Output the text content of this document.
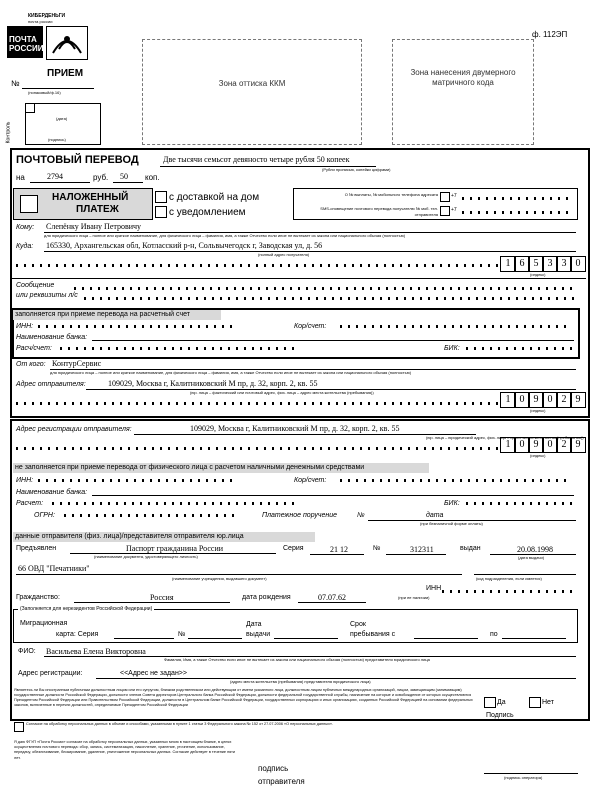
ПОЧТА РОССИИ
КИБЕРДЕНЬГИ
почта россии
ПРИЕМ
ф. 112ЭП
№
(понаковый/ф.16)
(дата)
(подпись)
Контроль
Зона оттиска ККМ
Зона нанесения двумерного матричного кода
ПОЧТОВЫЙ ПЕРЕВОД	Две тысячи семьсот девяносто четыре рубля 50 копеек
(Рубли прописью, копейки цифрами)
на	2794	руб. 50 коп.
НАЛОЖЕННЫЙ
ПЛАТЕЖ
с доставкой на дом
с уведомлением
О № выплаты, № мобильного телефона адресата
SMS-оповещение почтового перевода получателю № моб. тел. отправителя
+7
+7
Кому: Слепёнку Ивану Петровичу
для юридического лица – полное или краткое наименование, для физического лица – фамилия, имя, а также Отчество если иное не вытекает из закона или национального обычая (полностью)
Куда: 165330, Архангельская обл, Котласский р-н, Сольвычегодск г, Заводская ул, д. 56
(полный адрес получателя)
1 6 5 3 3 0
(индекс)
Сообщение
или реквизиты л/с
заполняется при приеме перевода на расчетный счет
ИНН:	Кор/счет:
Наименование банка:
Расч/счет:	БИК:
От кого: КонтурСервис
для юридического лица – полное или краткое наименование, для физического лица – фамилия, имя, а также Отчество если иное не вытекает из закона или национального обычая (полностью)
Адрес отправителя:	109029, Москва г, Калитниковский М пр, д. 32, корп. 2, кв. 55
(юр. лица – фактический или почтовый адрес, физ. лица – адрес места жительства (пребывания))
1 0 9 0 2 9
(индекс)
Адрес регистрации отправителя:	109029, Москва г, Калитниковский М пр, д. 32, корп. 2, кв. 55
(юр. лица – юридический адрес, физ. лица – адрес места жительства (пребывания))
1 0 9 0 2 9
(индекс)
не заполняется при приеме перевода от физического лица с расчетом наличными денежными средствами
ИНН:	Кор/счет:
Наименование банка:
Расчет:	БИК:
ОГРН:	Платежное поручение	№	дата
(при безналичной форме оплаты)
данные отправителя (физ. лица)/представителя отправителя юр.лица
Предъявлен	Паспорт гражданина России
(наименование документа, удостоверяющего личность)
Серия	21 12	№	312311	выдан	20.08.1998
(дата выдачи)
66 ОВД "Печатники"
(наименование учреждения, выдавшего документ)	(код подразделения, если имеется)
ИНН
(при ее наличии)
Гражданство:	Россия	дата рождения	07.07.62
(Заполняется для нерезидентов Российской Федерации)
Миграционная
карта: Серия	№
Дата
выдачи
Срок
пребывания с	по
ФИО: Васильева Елена Викторовна
Фамилия, Имя, а также Отчество если иное не вытекает из закона или национального обычая (полностью) представителя юридического лица
Адрес регистрации:	<<Адрес не задан>>
(адрес места жительства (пребывания) представителя юридического лица)
Являетесь ли Вы иностранным публичным должностным лицом или его супругом, близким родственником или действующим от имени указанного лица, должностным лицом публичных международных организаций, лицом, замещающим (занимающим) государственные должности Российской Федерации, должности членов Совета директоров Центрального банка Российской Федерации, должности федеральной государственной службы, назначение на которые и освобождение от которых осуществляются Президентом Российской Федерации или Правительством Российской Федерации, должности в Центральном банке Российской Федерации, государственных корпорациях и иных организациях, созданных Российской Федерацией на основании федеральных законов, включенные в перечни должностей, определяемые Президентом Российской Федерации	Да	Нет
Подпись
Согласие на обработку персональных данных в объеме и способами, указанными в пункте 1 статьи 3 Федерального закона № 152 от 27.07.2006 «О персональных данных».
Я даю ФГУП «Почта России» согласие на обработку персональных данных, указанных мною в настоящем бланке, в целях осуществления почтового перевода: сбор, запись, систематизацию, накопление, хранение, уточнение, использование, передачу, обезличивание, блокирование, удаление, уничтожение персональных данных. Согласие действует в течение пяти лет.
подпись
отправителя	(подпись оператора)
